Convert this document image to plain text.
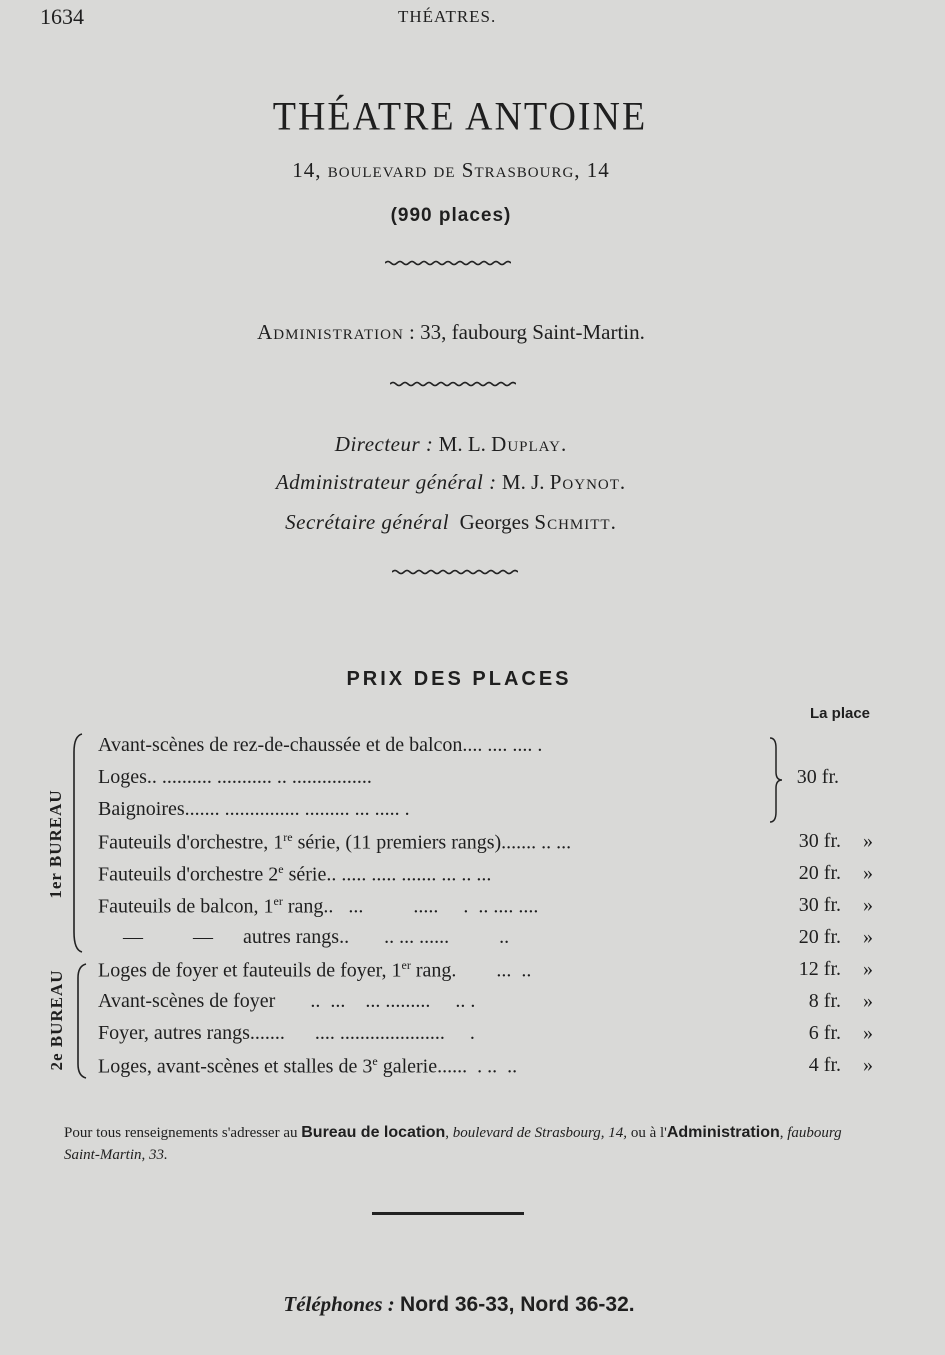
1634	THÉATRES.
THÉATRE ANTOINE
14, boulevard de Strasbourg, 14
(990 places)
Administration : 33, faubourg Saint-Martin.
Directeur : M. L. Duplay.
Administrateur général : M. J. Poynot.
Secrétaire général Georges Schmitt.
PRIX DES PLACES
La place
1er BUREAU
2e BUREAU
Avant-scènes de rez-de-chaussée et de balcon.... .... .... .
Loges.. .......... ........... .. ................	30 fr.
Baignoires....... ............... ......... ... ..... .
Fauteuils d'orchestre, 1re série, (11 premiers rangs)....... .. ...	30 fr. »
Fauteuils d'orchestre 2e série.. ..... ..... ....... ... .. ...	20 fr. »
Fauteuils de balcon, 1er rang..   ...          .....     .  .. .... ....	30 fr. »
—          —      autres rangs..       .. ... ......          ..	20 fr. »
Loges de foyer et fauteuils de foyer, 1er rang.        ...  ..	12 fr. »
Avant-scènes de foyer       ..  ...    ... .........     .. .	8 fr. »
Foyer, autres rangs.......      .... .....................     .	6 fr. »
Loges, avant-scènes et stalles de 3e galerie......  . ..  ..	4 fr. »
Pour tous renseignements s'adresser au Bureau de location, boulevard de Strasbourg, 14, ou à l'Administration, faubourg Saint-Martin, 33.
Téléphones : Nord 36-33, Nord 36-32.
